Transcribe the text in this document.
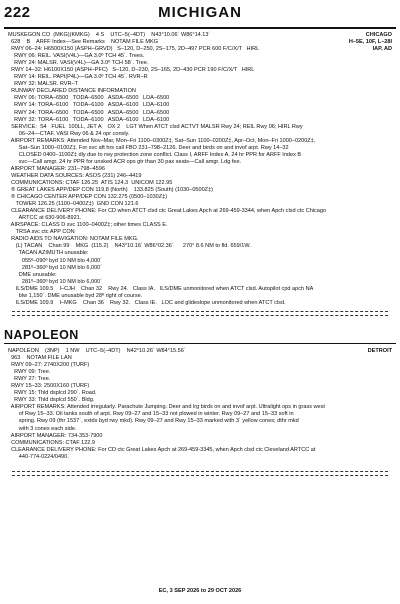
222	MICHIGAN
MUSKEGON CO  (MKG)(KMKG)    4 S    UTC–5(–4DT)    N43°10.06´ W86°14.13´	CHICAGO
628    B    ARFF Index—See Remarks    NOTAM FILE MKG	H–5E, 10F, L–28I
RWY 06–24: H6500X150 (ASPH–GRVD)   S–120, D–250, 2S–175, 2D–497 PCR 600 F/C/X/T   HIRL	IAP, AD
RWY 06: REIL. VASI(V4L)—GA 3.0º TCH 45´. Trees.
RWY 24: MALSR. VASI(V4L)—GA 3.0º TCH 58´. Tree.
RWY 14–32: H6100X150 (ASPH–PFC)   S–120, D–230, 2S–165, 2D–430 PCR 190 F/C/X/T   HIRL
RWY 14: REIL. PAPI(P4L)—GA 3.0º TCH 45´. RVR–R
RWY 32: MALSR. RVR–T
RUNWAY DECLARED DISTANCE INFORMATION
RWY 06: TORA–6500   TODA–6500   ASDA–6500   LDA–6500
RWY 14: TORA–6100   TODA–6100   ASDA–6100   LDA–6100
RWY 24: TORA–6500   TODA–6500   ASDA–6500   LDA–6500
RWY 32: TORA–6100   TODA–6100   ASDA–6100   LDA–6100
SERVICE:  S4   FUEL  100LL, JET A    OX 2    LGT When ATCT clsd ACTVT MALSR Rwy 24; REIL Rwy 06; HIRL Rwy
06–24—CTAF. VASI Rwy 06 & 24 opr consly.
AIRPORT REMARKS: Attended Nov–Mar, Mon–Fri 1100–0300Z‡, Sat–Sun 1100–0200Z‡, Apr–Oct, Mon–Fri 1000–0200Z‡,
Sat–Sun 1000–0100Z‡. For svc aft hrs call FBO 231–798–2126. Deer and birds on and invof arpt. Rwy 14–32
CLOSED 0400–1100Z‡ dly due to rwy protection zone conflict. Class I, ARFF Index A. 24 hr PPR for ARFF Index B
svc—Call amgr. 24 hr PPR for unsked ACR ops gtr than 30 pax seats—Call amgr. Ldg fee.
AIRPORT MANAGER: 231–798–4596
WEATHER DATA SOURCES: ASOS (231) 246–4419
COMMUNICATIONS: CTAF 126.25  ATIS 124.3  UNICOM 122.95
® GREAT LAKES APP/DEP CON 119.8 (North)    133.825 (South) (1030–0500Z‡)
® CHICAGO CENTER APP/DEP CON 132.275 (0500–1030Z‡)
TOWER 126.25 (1100–0400Z‡)  GND CON 121.6
CLEARANCE DELIVERY PHONE: For CD when ATCT clsd ctc Great Lakes Apch at 269-459-3344, when Apch clsd ctc Chicago
ARTCC at 630-906-8921.
AIRSPACE: CLASS D svc 1100–0400Z‡; other times CLASS E.
TRSA svc ctc APP CON
RADIO AIDS TO NAVIGATION: NOTAM FILE MKG.
(L) TACAN    Chan 99    MKG  (115.2)    N43°10.16´ W86°02.36´      270° 8.6 NM to fld. 659/1W.
TACAN AZIMUTH unusable:
055º–090º byd 10 NM blo 4,000´
281º–360º byd 10 NM blo 6,000´
DME unusable:
281º–360º byd 10 NM blo 6,000´
ILS/DME 109.5    I–CJH    Chan 32    Rwy 24.   Class IA.   ILS/DME unmonitored when ATCT clsd. Autopilot cpd apch NA
blw 1,150´. DME unusable byd 28º right of course.
ILS/DME 109.9    I–MKG    Chan 36    Rwy 32.   Class IE.   LOC and glideslope unmonitored when ATCT clsd.
NAPOLEON
NAPOLEON    (3NP)    1 NW    UTC–5(–4DT)    N42°10.26´ W84°15.56´	DETROIT
963    NOTAM FILE LAN
RWY 09–27: 2740X200 (TURF)
RWY 09: Tree.
RWY 27: Tree.
RWY 15–33: 2500X160 (TURF)
RWY 15: Thld dsplcd 290´. Road.
RWY 33: Thld dsplcd 550´. Bldg.
AIRPORT REMARKS: Attended irregularly. Parachute Jumping. Deer and lrg birds on and invof arpt. Ultralight ops in grass west
of Rwy 15–33. Oil tanks south of arpt. Rwy 09–27 and 15–33 not plowed in winter. Rwy 09–27 and 15–33 soft in
spring. Rwy 09 (thr 1537´, extds byd rwy mkd). Rwy 09–27 and Rwy 15–33 marked with 3´ yellow cones; dthr mkd
with 3 cones each side.
AIRPORT MANAGER: 734-353-7900
COMMUNICATIONS: CTAF 122.9
CLEARANCE DELIVERY PHONE: For CD ctc Great Lakes Apch at 269-459-3345, when Apch clsd ctc Cleveland ARTCC at
440-774-0224/0490.
EC, 3 SEP 2026 to 29 OCT 2026
